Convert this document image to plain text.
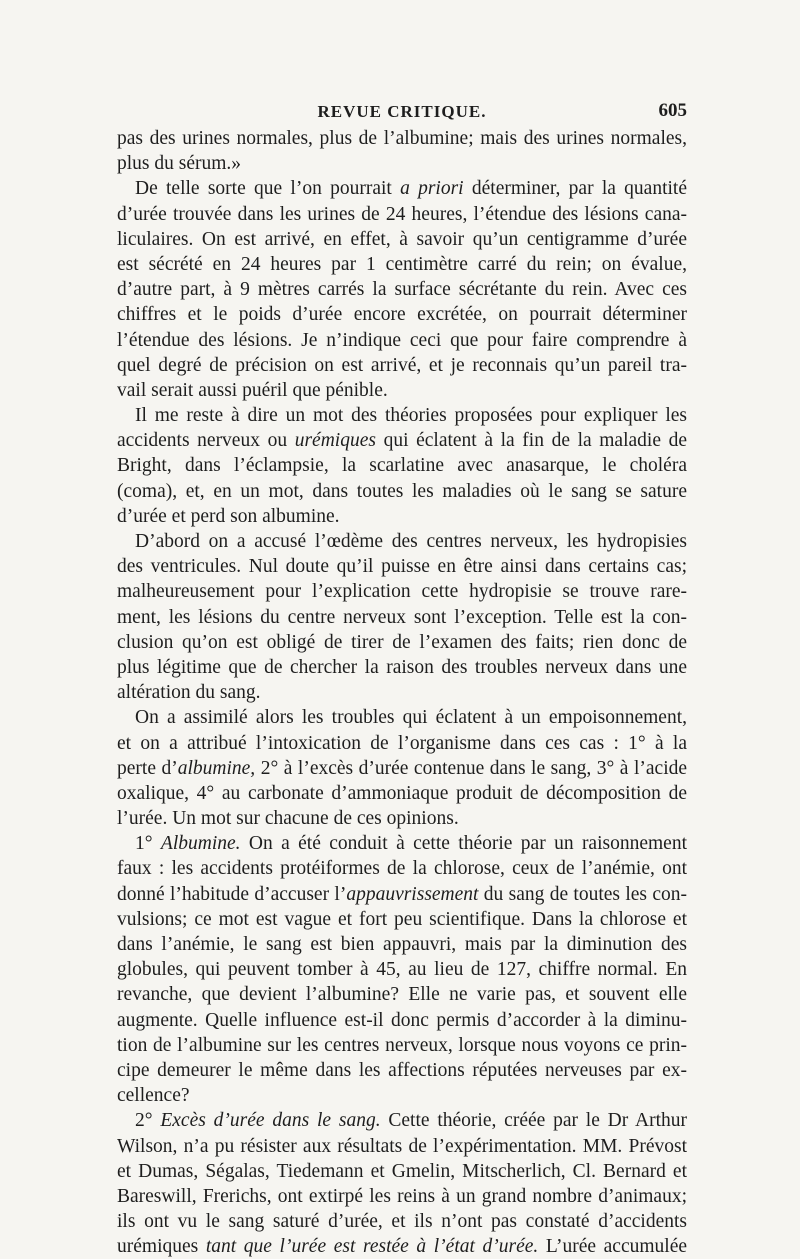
REVUE CRITIQUE.	605
pas des urines normales, plus de l’albumine; mais des urines normales,
plus du sérum.»
De telle sorte que l’on pourrait a priori déterminer, par la quantité
d’urée trouvée dans les urines de 24 heures, l’étendue des lésions cana-
liculaires. On est arrivé, en effet, à savoir qu’un centigramme d’urée
est sécrété en 24 heures par 1 centimètre carré du rein; on évalue,
d’autre part, à 9 mètres carrés la surface sécrétante du rein. Avec ces
chiffres et le poids d’urée encore excrétée, on pourrait déterminer
l’étendue des lésions. Je n’indique ceci que pour faire comprendre à
quel degré de précision on est arrivé, et je reconnais qu’un pareil tra-
vail serait aussi puéril que pénible.
Il me reste à dire un mot des théories proposées pour expliquer les
accidents nerveux ou urémiques qui éclatent à la fin de la maladie de
Bright, dans l’éclampsie, la scarlatine avec anasarque, le choléra
(coma), et, en un mot, dans toutes les maladies où le sang se sature
d’urée et perd son albumine.
D’abord on a accusé l’œdème des centres nerveux, les hydropisies
des ventricules. Nul doute qu’il puisse en être ainsi dans certains cas;
malheureusement pour l’explication cette hydropisie se trouve rare-
ment, les lésions du centre nerveux sont l’exception. Telle est la con-
clusion qu’on est obligé de tirer de l’examen des faits; rien donc de
plus légitime que de chercher la raison des troubles nerveux dans une
altération du sang.
On a assimilé alors les troubles qui éclatent à un empoisonnement,
et on a attribué l’intoxication de l’organisme dans ces cas : 1° à la
perte d’albumine, 2° à l’excès d’urée contenue dans le sang, 3° à l’acide
oxalique, 4° au carbonate d’ammoniaque produit de décomposition de
l’urée. Un mot sur chacune de ces opinions.
1° Albumine. On a été conduit à cette théorie par un raisonnement
faux : les accidents protéiformes de la chlorose, ceux de l’anémie, ont
donné l’habitude d’accuser l’appauvrissement du sang de toutes les con-
vulsions; ce mot est vague et fort peu scientifique. Dans la chlorose et
dans l’anémie, le sang est bien appauvri, mais par la diminution des
globules, qui peuvent tomber à 45, au lieu de 127, chiffre normal. En
revanche, que devient l’albumine? Elle ne varie pas, et souvent elle
augmente. Quelle influence est-il donc permis d’accorder à la diminu-
tion de l’albumine sur les centres nerveux, lorsque nous voyons ce prin-
cipe demeurer le même dans les affections réputées nerveuses par ex-
cellence?
2° Excès d’urée dans le sang. Cette théorie, créée par le Dr Arthur
Wilson, n’a pu résister aux résultats de l’expérimentation. MM. Prévost
et Dumas, Ségalas, Tiedemann et Gmelin, Mitscherlich, Cl. Bernard et
Bareswill, Frerichs, ont extirpé les reins à un grand nombre d’animaux;
ils ont vu le sang saturé d’urée, et ils n’ont pas constaté d’accidents
urémiques tant que l’urée est restée à l’état d’urée. L’urée accumulée
